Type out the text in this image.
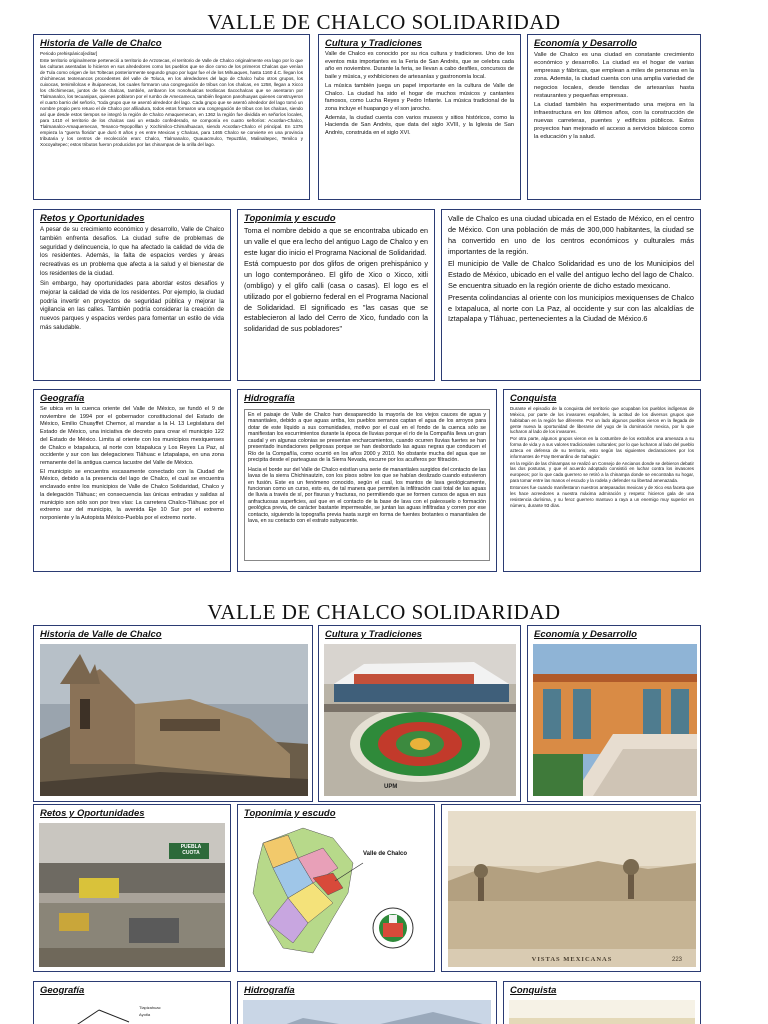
VALLE DE CHALCO SOLIDARIDAD
Historia de Valle de Chalco

Periodo prehispánico[editar]

Este territorio originalmente perteneció a territorio de Arzotecas, el territorio de Valle de Chalco originalmente era lago por lo que las culturas asentadas lo hicieron en sus alrededores como los pueblos que se dice como de los primeros Chalcas que venían de Tula como origen de los Toltecas posteriormente segundo grupo por lugar fue el de los Mihuaques, hasta 1160 d.C. llegan los chichimecas teotenancos procedentes del valle de Toluca, en los alrededores del lago de Chalco hubo otros grupos, los cuixocas, temimilolcas e ihuipanecas, los cuales formaron una congregación de tribus con los chalcas, en 1258, llegan a Xicco los chichimecas, juntos de los chalcas, también, arribaron los nonohualcas teotlixcas tlacochalcas que se asentaron por Tlalmanalco, los tecuanipas, quienes poblaron por el rumbo de Amecameca, también llegaron panohuayas quienes construyeron el cuarto barrio del señorío, "toda grupo que se asentó alrededor del lago. Cada grupo que se asentó alrededor del lago tomó un nombre propio pero retuvo el de Chalco por afiliadura, todos estos formaron una congregación de tribus con los chalcas, siendo así que desde estos tiempos se integró la región de Chalco Amaquemecan, en 1362 la región fue dividida en señoríos locales, para 1410 el territorio de los chalcas casi un estado confederado, se componía en cuatro señoríos: Acxotlan-Chalco, Tlalmanalco-Amaquemecan, Tenanco-Tepopolllan y Xochimilco-Chimalhuacan, siendo Acxotlan-Chalco el principal. En 1376 empieza la "guerra florida" que duró 8 años y es entre Mexicas y Chalcas, para 1465 Chalco se convierte en una provincia tributaria y los centros de recolección eran: Chalco, Tlalmanalco, Quauacmulco, Tepuztlán, Malinaltepec, Temilco y Xocoyaltepec; estos tributos fueron producidos por las chinampas de la orilla del lago.

Cultura y Tradiciones

Valle de Chalco es conocido por su rica cultura y tradiciones. Uno de los eventos más importantes es la Feria de San Andrés, que se celebra cada año en noviembre. Durante la feria, se llevan a cabo desfiles, concursos de baile y música, y exhibiciones de artesanías y gastronomía local.

La música también juega un papel importante en la cultura de Valle de Chalco. La ciudad ha sido el hogar de muchos músicos y cantantes famosos, como Lucha Reyes y Pedro Infante. La música tradicional de la zona incluye el huapango y el son jarocho.

Además, la ciudad cuenta con varios museos y sitios históricos, como la Hacienda de San Andrés, que data del siglo XVIII, y la Iglesia de San Andrés, construida en el siglo XVI.

Economía y Desarrollo

Valle de Chalco es una ciudad en constante crecimiento económico y desarrollo. La ciudad es el hogar de varias empresas y fábricas, que emplean a miles de personas en la zona. Además, la ciudad cuenta con una amplia variedad de negocios locales, desde tiendas de artesanías hasta restaurantes y pequeñas empresas.

La ciudad también ha experimentado una mejora en la infraestructura en los últimos años, con la construcción de nuevas carreteras, puentes y edificios públicos. Estos proyectos han mejorado el acceso a servicios básicos como la educación y la salud.

Retos y Oportunidades

A pesar de su crecimiento económico y desarrollo, Valle de Chalco también enfrenta desafíos. La ciudad sufre de problemas de seguridad y delincuencia, lo que ha afectado la calidad de vida de los residentes. Además, la falta de espacios verdes y áreas recreativas es un problema que afecta a la salud y el bienestar de los residentes de la ciudad.

Sin embargo, hay oportunidades para abordar estos desafíos y mejorar la calidad de vida de los residentes. Por ejemplo, la ciudad podría invertir en proyectos de seguridad pública y mejorar la vigilancia en las calles. También podría considerar la creación de nuevos parques y espacios verdes para fomentar un estilo de vida más saludable.

Toponimia y escudo

Toma el nombre debido a que se encontraba ubicado en un valle el que era lecho del antiguo Lago de Chalco y en este lugar dio inicio el Programa Nacional de Solidaridad.

Está compuesto por dos glifos de origen prehispánico y un logo contemporáneo. El glifo de Xico o Xicco, xitli (ombligo) y el glifo calli (casa o casas). El logo es el utilizado por el gobierno federal en el Programa Nacional de Solidaridad. El significado es "las casas que se establecieron al lado del Cerro de Xico, fundado con la solidaridad de sus pobladores"

Valle de Chalco es una ciudad ubicada en el Estado de México, en el centro de México. Con una población de más de 300,000 habitantes, la ciudad se ha convertido en uno de los centros económicos y culturales más importantes de la región.

El municipio de Valle de Chalco Solidaridad es uno de los Municipios del Estado de México, ubicado en el valle del antiguo lecho del lago de Chalco. Se encuentra situado en la región oriente de dicho estado mexicano.

Presenta colindancias al oriente con los municipios mexiquenses de Chalco e Ixtapaluca, al norte con La Paz, al occidente y sur con las alcaldías de Iztapalapa y Tláhuac, pertenecientes a la Ciudad de México.6

Geografía

Se ubica en la cuenca oriente del Valle de México, se fundó el 9 de noviembre de 1994 por el gobernador constitucional del Estado de México, Emilio Chuayffet Chemor, al mandar a la H. 13 Legislatura del Estado de México, una iniciativa de decreto para crear el municipio 122 del Estado de México. Limita al oriente con los municipios mexiquenses de Chalco e Ixtapaluca, al norte con Ixtapaluca y Los Reyes La Paz, al occidente y sur con las delegaciones Tláhuac e Iztapalapa, en una zona remanente del la antigua cuenca lacustre del Valle de México.

El municipio se encuentra escasamente conectado con la Ciudad de México, debido a la presencia del lago de Chalco, el cual se encuentra enclavado entre los municipios de Valle de Chalco Solidaridad, Chalco y la delegación Tláhuac; en consecuencia las únicas entradas y salidas al municipio son sólo son por tres vías: La carretera Chalco-Tláhuac por el extremo sur del municipio, la avenida Eje 10 Sur por el extremo norponiente y la Autopista México-Puebla por el extremo norte.

Hidrografía

En el paisaje de Valle de Chalco han desaparecido la mayoría de los viejos cauces de agua y manantiales, debido a que aguas arriba, los pueblos serranos captan el agua de los arroyos para dotar de este líquido a sus comunidades, motivo por el cual en el fondo de la cuenca sólo se manifiestan los escurrimientos durante la época de lluvias porque el río de la Compañía lleva un gran caudal y en algunas colonias se presentan encharcamientos, cuando ocurren lluvias fuertes se han presentado inundaciones peligrosas porque se han desbordado las aguas negras que conducen el Río de la Compañía, como ocurrió en los años 2000 y 2010. No obstante mucha del agua que se precipita desde el parteaguas de la Sierra Nevada, escurre por los acuíferos por filtración.

Hacia el borde sur del Valle de Chalco existían una serie de manantiales surgidos del contacto de las lavas de la sierra Chichinautzin, con los pisos sobre los que se habían deslizado cuando estuvieron en fusión. Este es un fenómeno conocido, según el cual, los mantos de lava geológicamente, funcionan como un curso, esto es, de tal manera que permiten la infiltración casi total de las aguas de lluvia a través de sí, por fisuras y fracturas, no permitiendo que se formen cursos de agua en sus anfractuosas superficies, así que en el contacto de la base de lava con el paleosuelo o formación geológica previa, de carácter bastante impermeable, se juntan las aguas infiltradas y corren por ese contacto, siguiendo la topografía previa hasta surgir en forma de fuentes brotantes o manantiales de lava, en su contacto con el estrato subyacente.

Conquista

Durante el episodio de la conquista del territorio que ocupaban los pueblos indígenas de México, por parte de los invasores españoles, la actitud de los diversos grupos que habitaban en la región fue diferente. Por un lado algunos pueblos vieron en la llegada de gente nueva la oportunidad de liberarse del yugo de la dominación mexica, por lo que lucharon al lado de los invasores.

Por otra parte, algunos grupos vieron en la costumbre de los extraños una amenaza a su forma de vida y a sus valores tradicionales culturales; por lo que lucharon al lado del pueblo azteca en defensa de su territorio, esto según las siguientes declaraciones por los informantes de Fray Bernardino de Sahagún:

en la región de las chinampas se realizó un Consejo de Ancianos donde se debieron debatir las dos posturas, y que el acuerdo adoptado consistió en luchar contra los invasores europeos; por lo que cada guerrero se retiró a la chinampa donde se encontraba su hogar, para tomar entre las manos el escudo y la rodela y defender su libertad amenazada.

Entonces fue cuando manifestaron nuestros antepasados mexicas y de Xico esa faceta que les hace acreedores a nuestra máxima admiración y respeto: hicieron gala de una resistencia durísima, y su feroz guerrero mantuvo a raya a un enemigo muy superior en número, durante 93 días.

VALLE DE CHALCO SOLIDARIDAD
Historia de Valle de Chalco	Cultura y Tradiciones
UPM
Economía y Desarrollo
Retos y Oportunidades
PUEBLA CUOTA
Toponimia y escudo
Valle de Chalco
VISTAS MEXICANAS	223
Geografía
Tlapizahuac
Ayotla
Hidrografía	Conquista
